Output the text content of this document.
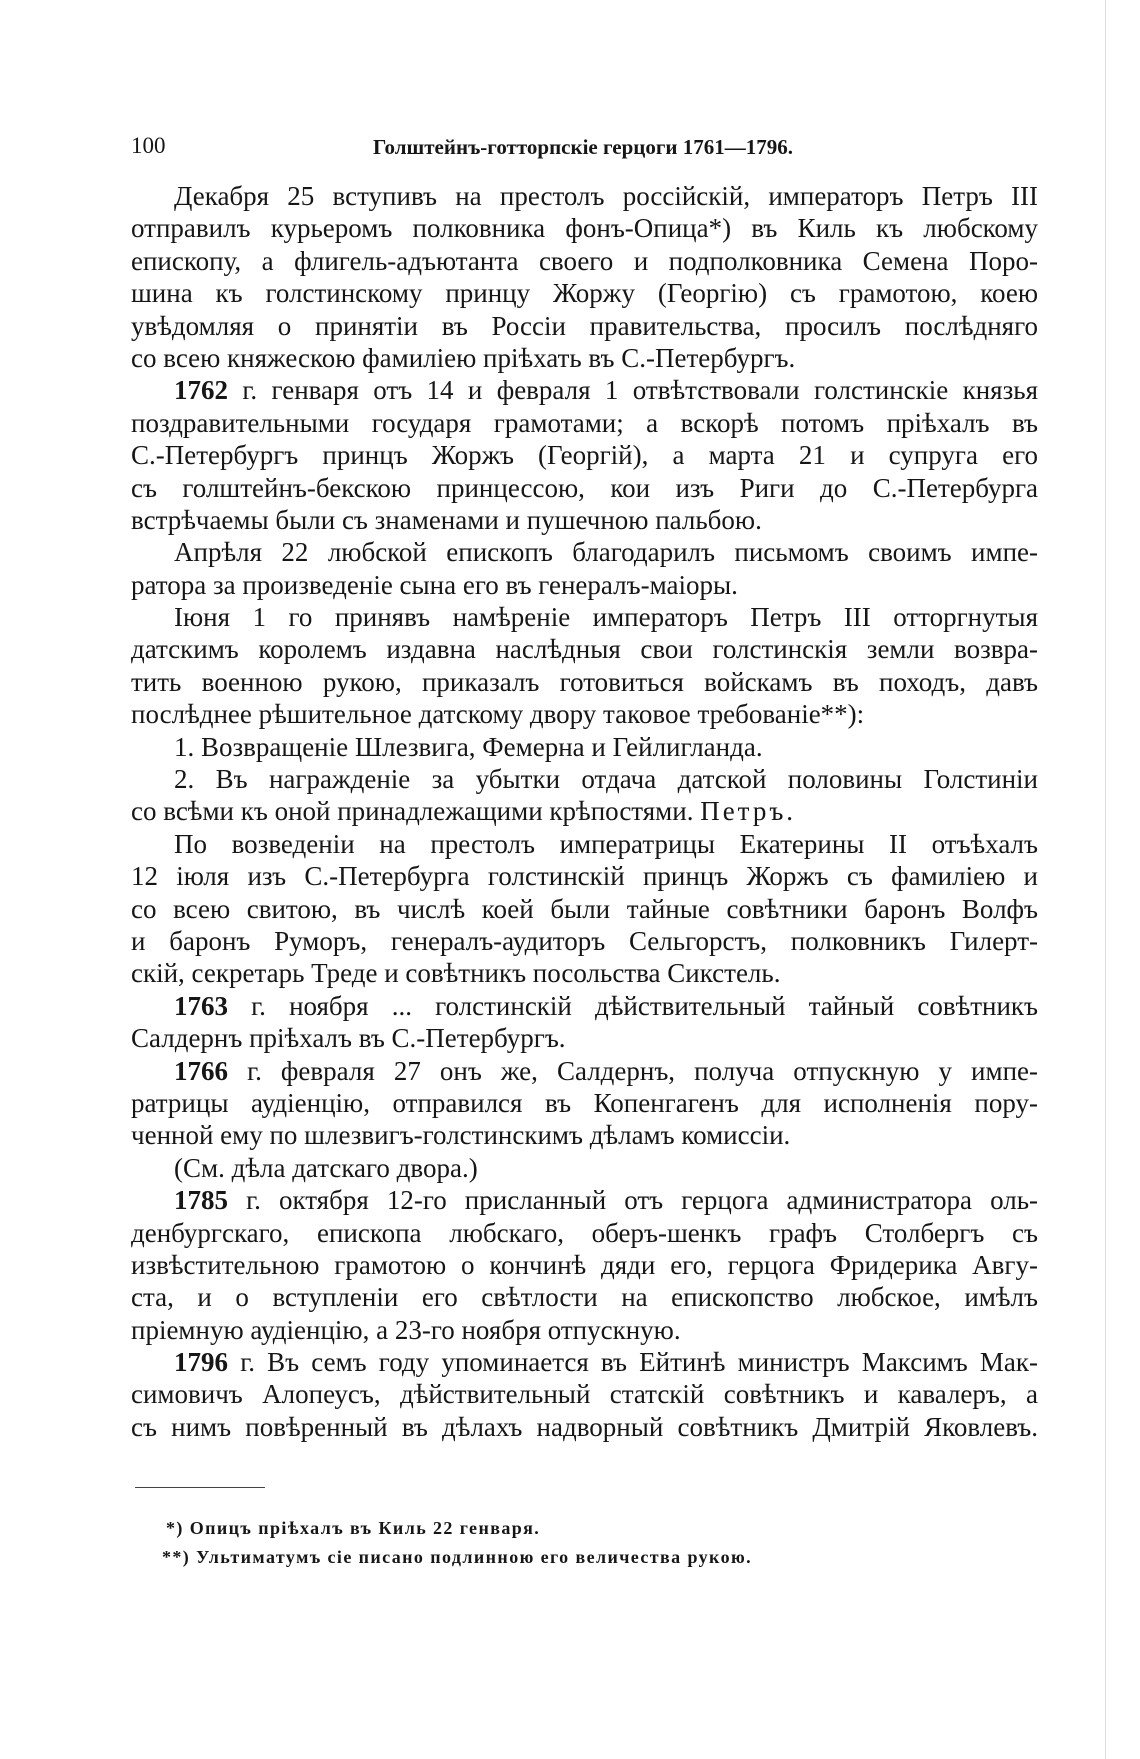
100	Голштейнъ-готторпскіе герцоги 1761—1796.
Декабря 25 вступивъ на престолъ россійскій, императоръ Петръ III
отправилъ курьеромъ полковника фонъ-Опица*) въ Киль къ любскому
епископу, а флигель-адъютанта своего и подполковника Семена Поро-
шина къ голстинскому принцу Жоржу (Георгію) съ грамотою, коею
увѣдомляя о принятіи въ Россіи правительства, просилъ послѣдняго
со всею княжескою фамиліею пріѣхать въ С.-Петербургъ.
1762 г. генваря отъ 14 и февраля 1 отвѣтствовали голстинскіе князья
поздравительными государя грамотами; а вскорѣ потомъ пріѣхалъ въ
С.-Петербургъ принцъ Жоржъ (Георгій), а марта 21 и супруга его
съ голштейнъ-бекскою принцессою, кои изъ Риги до С.-Петербурга
встрѣчаемы были съ знаменами и пушечною пальбою.
Апрѣля 22 любской епископъ благодарилъ письмомъ своимъ импе-
ратора за произведеніе сына его въ генералъ-маіоры.
Іюня 1 го принявъ намѣреніе императоръ Петръ III отторгнутыя
датскимъ королемъ издавна наслѣдныя свои голстинскія земли возвра-
тить военною рукою, приказалъ готовиться войскамъ въ походъ, давъ
послѣднее рѣшительное датскому двору таковое требованіе**):
1. Возвращеніе Шлезвига, Фемерна и Гейлигланда.
2. Въ награжденіе за убытки отдача датской половины Голстиніи
со всѣми къ оной принадлежащими крѣпостями. Петръ.
По возведеніи на престолъ императрицы Екатерины II отъѣхалъ
12 іюля изъ С.-Петербурга голстинскій принцъ Жоржъ съ фамиліею и
со всею свитою, въ числѣ коей были тайные совѣтники баронъ Волфъ
и баронъ Руморъ, генералъ-аудиторъ Сельгорстъ, полковникъ Гилерт-
скій, секретарь Треде и совѣтникъ посольства Сикстель.
1763 г. ноября ... голстинскій дѣйствительный тайный совѣтникъ
Салдернъ пріѣхалъ въ С.-Петербургъ.
1766 г. февраля 27 онъ же, Салдернъ, получа отпускную у импе-
ратрицы аудіенцію, отправился въ Копенгагенъ для исполненія пору-
ченной ему по шлезвигъ-голстинскимъ дѣламъ комиссіи.
(См. дѣла датскаго двора.)
1785 г. октября 12-го присланный отъ герцога администратора оль-
денбургскаго, епископа любскаго, оберъ-шенкъ графъ Столбергъ съ
извѣстительною грамотою о кончинѣ дяди его, герцога Фридерика Авгу-
ста, и о вступленіи его свѣтлости на епископство любское, имѣлъ
пріемную аудіенцію, а 23-го ноября отпускную.
1796 г. Въ семъ году упоминается въ Ейтинѣ министръ Максимъ Мак-
симовичъ Алопеусъ, дѣйствительный статскій совѣтникъ и кавалеръ, а
съ нимъ повѣренный въ дѣлахъ надворный совѣтникъ Дмитрій Яковлевъ.
*) Опицъ пріѣхалъ въ Киль 22 генваря.
**) Ультиматумъ сіе писано подлинною его величества рукою.
